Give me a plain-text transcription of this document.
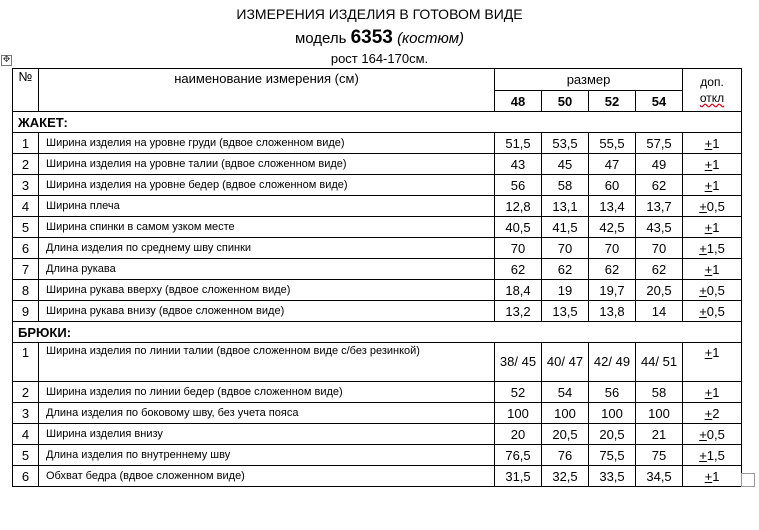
ИЗМЕРЕНИЯ ИЗДЕЛИЯ В ГОТОВОМ ВИДЕ
модель 6353 (костюм)
рост 164-170см.
✥
№	наименование измерения (см)	размер				доп.
откл

		48	50	52	54	
ЖАКЕТ:						
1	Ширина изделия на уровне груди (вдвое сложенном виде)	51,5	53,5	55,5	57,5	+1
2	Ширина изделия на уровне талии (вдвое сложенном виде)	43	45	47	49	+1
3	Ширина изделия на уровне бедер (вдвое сложенном виде)	56	58	60	62	+1
4	Ширина плеча	12,8	13,1	13,4	13,7	+0,5
5	Ширина спинки в самом узком месте	40,5	41,5	42,5	43,5	+1
6	Длина изделия по среднему шву спинки	70	70	70	70	+1,5
7	Длина рукава	62	62	62	62	+1
8	Ширина рукава вверху (вдвое сложенном виде)	18,4	19	19,7	20,5	+0,5
9	Ширина рукава внизу (вдвое сложенном виде)	13,2	13,5	13,8	14	+0,5
БРЮКИ:						
1	Ширина изделия по линии талии (вдвое сложенном виде с/без резинкой)	38/ 45	40/ 47	42/ 49	44/ 51	+1
2	Ширина изделия по линии бедер (вдвое сложенном виде)	52	54	56	58	+1
3	Длина изделия по боковому шву, без учета пояса	100	100	100	100	+2
4	Ширина изделия внизу	20	20,5	20,5	21	+0,5
5	Длина изделия по внутреннему шву	76,5	76	75,5	75	+1,5
6	Обхват бедра (вдвое сложенном виде)	31,5	32,5	33,5	34,5	+1
